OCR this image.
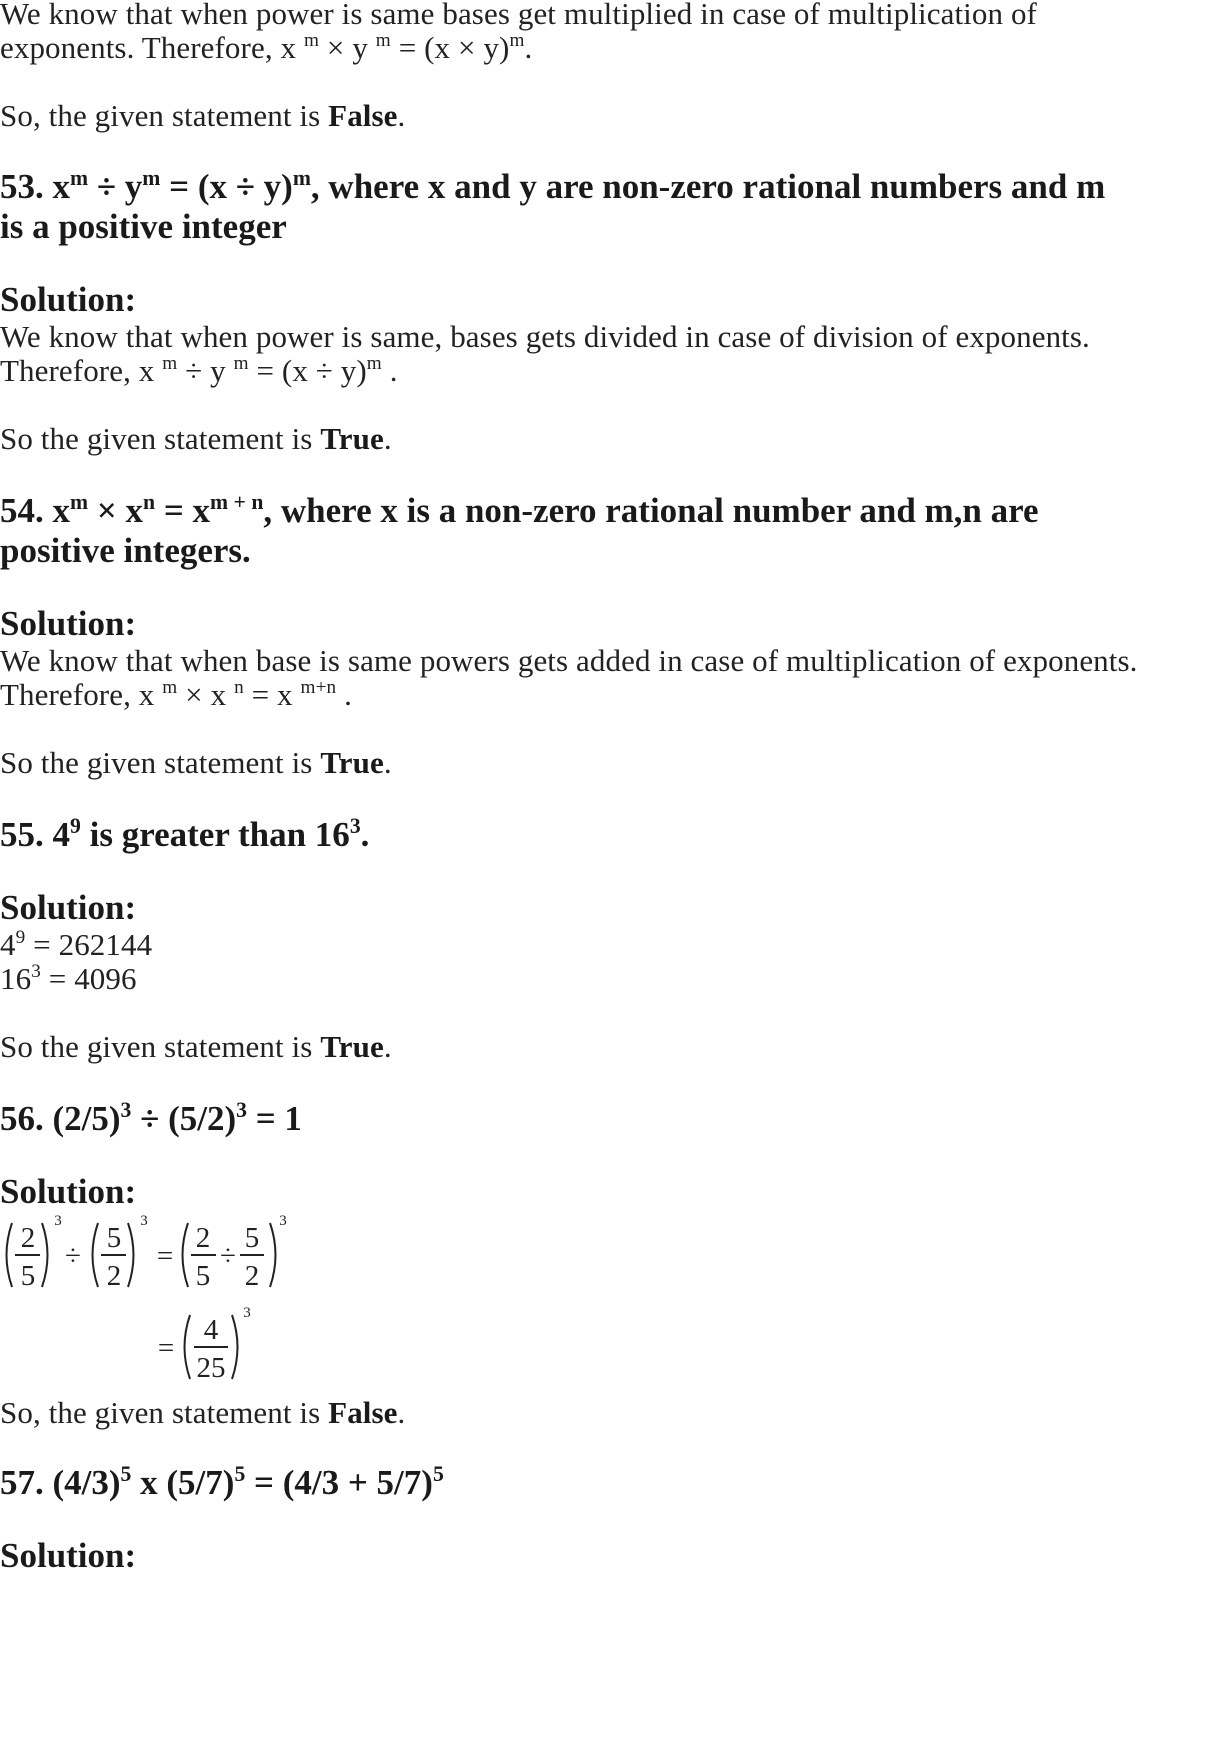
We know that when power is same bases get multiplied in case of multiplication of
exponents. Therefore, x $^m$ × y $^m = (x \times y)^m$.
So, the given statement is False.
53. $x^m \div y^m = (x \div y)^m$, where x and y are non-zero rational numbers and m
is a positive integer
Solution:
We know that when power is same, bases gets divided in case of division of exponents.
Therefore, x $^m$ ÷ y $^m = (x \div y)^m$ .
So the given statement is True.
54. $x^m \times x^n = x^{m + n}$, where x is a non-zero rational number and m,n are
positive integers.
Solution:
We know that when base is same powers gets added in case of multiplication of exponents.
Therefore, x $^m$ × x $^n$ = x $^{m+n}$ .
So the given statement is True.
55. $4^9$ is greater than $16^3$.
Solution:
$4^9 = 262144$
$16^3 = 4096$
So the given statement is True.
56. $(2/5)^3 \div (5/2)^3 = 1$
Solution:
2
5
5
2
2
5
5
2
4
25
÷	÷
=
=
3	3	3
3
So, the given statement is False.
57. $(4/3)^5$ x $(5/7)^5 = (4/3 + 5/7)^5$
Solution:
